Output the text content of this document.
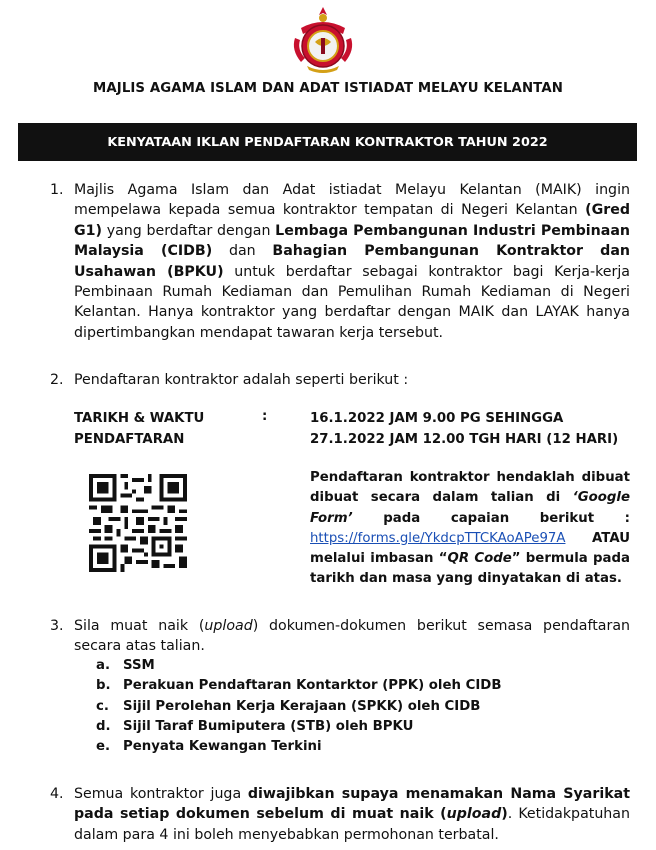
MAJLIS AGAMA ISLAM DAN ADAT ISTIADAT MELAYU KELANTAN
KENYATAAN IKLAN PENDAFTARAN KONTRAKTOR TAHUN 2022
1. Majlis Agama Islam dan Adat istiadat Melayu Kelantan (MAIK) ingin mempelawa kepada semua kontraktor tempatan di Negeri Kelantan (Gred G1) yang berdaftar dengan Lembaga Pembangunan Industri Pembinaan Malaysia (CIDB) dan Bahagian Pembangunan Kontraktor dan Usahawan (BPKU) untuk berdaftar sebagai kontraktor bagi Kerja-kerja Pembinaan Rumah Kediaman dan Pemulihan Rumah Kediaman di Negeri Kelantan. Hanya kontraktor yang berdaftar dengan MAIK dan LAYAK hanya dipertimbangkan mendapat tawaran kerja tersebut.
2. Pendaftaran kontraktor adalah seperti berikut :
TARIKH & WAKTU
PENDAFTARAN
:	16.1.2022 JAM 9.00 PG SEHINGGA
27.1.2022 JAM 12.00 TGH HARI (12 HARI)
Pendaftaran kontraktor hendaklah dibuat dibuat secara dalam talian di ‘Google Form’ pada capaian berikut : https://forms.gle/YkdcpTTCKAoAPe97A ATAU melalui imbasan “QR Code” bermula pada tarikh dan masa yang dinyatakan di atas.
3. Sila muat naik (upload) dokumen-dokumen berikut semasa pendaftaran secara atas talian.
a. SSM
b. Perakuan Pendaftaran Kontarktor (PPK) oleh CIDB
c.	Sijil Perolehan Kerja Kerajaan (SPKK) oleh CIDB
d. Sijil Taraf Bumiputera (STB) oleh BPKU
e. Penyata Kewangan Terkini
4. Semua kontraktor juga diwajibkan supaya menamakan Nama Syarikat pada setiap dokumen sebelum di muat naik (upload). Ketidakpatuhan dalam para 4 ini boleh menyebabkan permohonan terbatal.
